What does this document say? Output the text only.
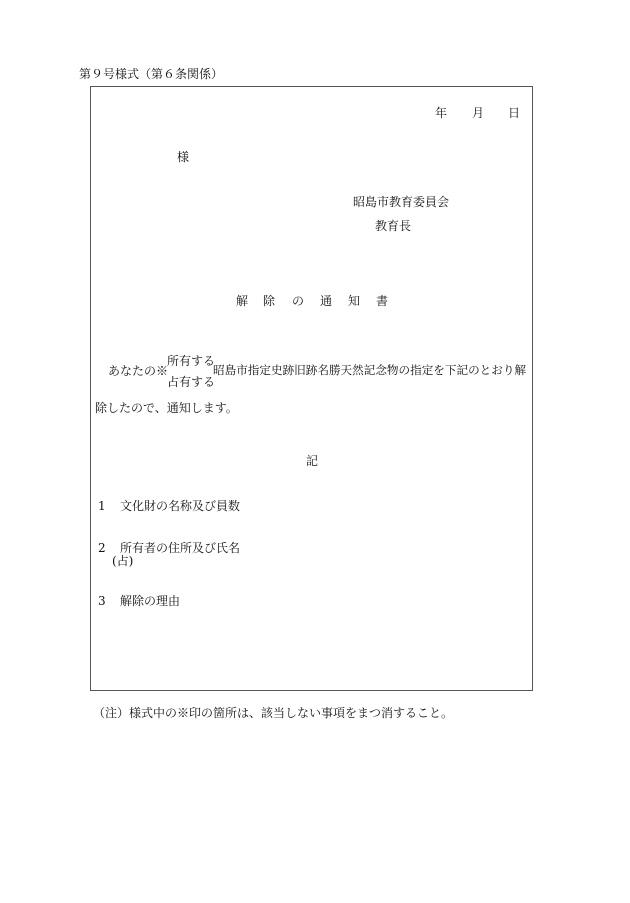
第９号様式（第６条関係）
年 月 日
様
昭島市教育委員会
教育長
解 除 の 通 知 書
あなたの※
所有する
占有する
昭島市指定史跡旧跡名勝天然記念物の指定を下記のとおり解
除したので、通知します。
記
1 文化財の名称及び員数
2 所有者の住所及び氏名
(占)
3 解除の理由
（注）様式中の※印の箇所は、該当しない事項をまつ消すること。
